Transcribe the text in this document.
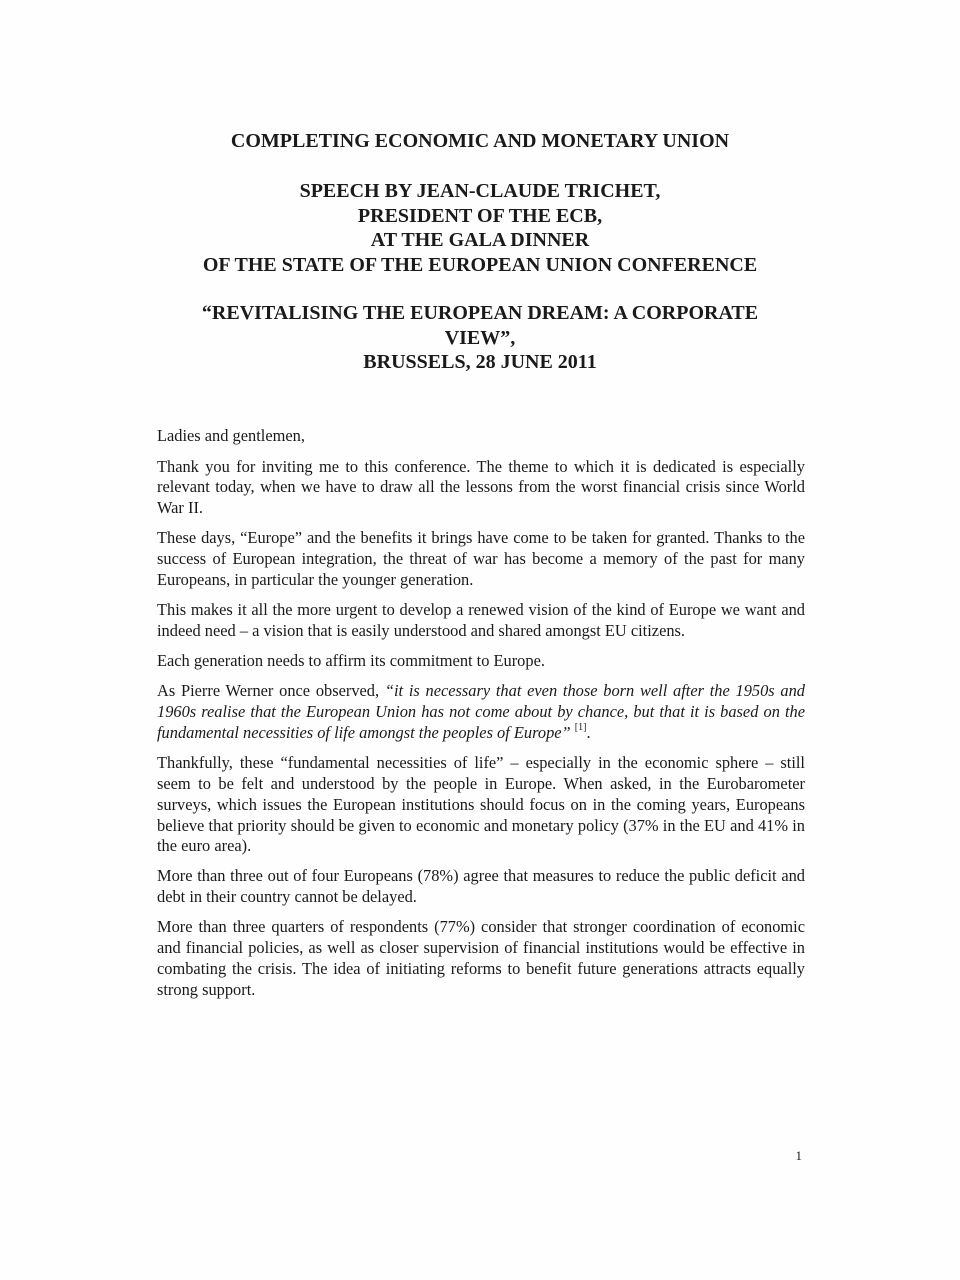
COMPLETING ECONOMIC AND MONETARY UNION
SPEECH BY JEAN-CLAUDE TRICHET,
PRESIDENT OF THE ECB,
AT THE GALA DINNER
OF THE STATE OF THE EUROPEAN UNION CONFERENCE
“REVITALISING THE EUROPEAN DREAM: A CORPORATE
VIEW”,
BRUSSELS, 28 JUNE 2011

Ladies and gentlemen,

Thank you for inviting me to this conference. The theme to which it is dedicated is especially relevant today, when we have to draw all the lessons from the worst financial crisis since World War II.

These days, “Europe” and the benefits it brings have come to be taken for granted. Thanks to the success of European integration, the threat of war has become a memory of the past for many Europeans, in particular the younger generation.

This makes it all the more urgent to develop a renewed vision of the kind of Europe we want and indeed need – a vision that is easily understood and shared amongst EU citizens.

Each generation needs to affirm its commitment to Europe.

As Pierre Werner once observed, “it is necessary that even those born well after the 1950s and 1960s realise that the European Union has not come about by chance, but that it is based on the fundamental necessities of life amongst the peoples of Europe” [1].

Thankfully, these “fundamental necessities of life” – especially in the economic sphere – still seem to be felt and understood by the people in Europe. When asked, in the Eurobarometer surveys, which issues the European institutions should focus on in the coming years, Europeans believe that priority should be given to economic and monetary policy (37% in the EU and 41% in the euro area).

More than three out of four Europeans (78%) agree that measures to reduce the public deficit and debt in their country cannot be delayed.

More than three quarters of respondents (77%) consider that stronger coordination of economic and financial policies, as well as closer supervision of financial institutions would be effective in combating the crisis. The idea of initiating reforms to benefit future generations attracts equally strong support.

1
